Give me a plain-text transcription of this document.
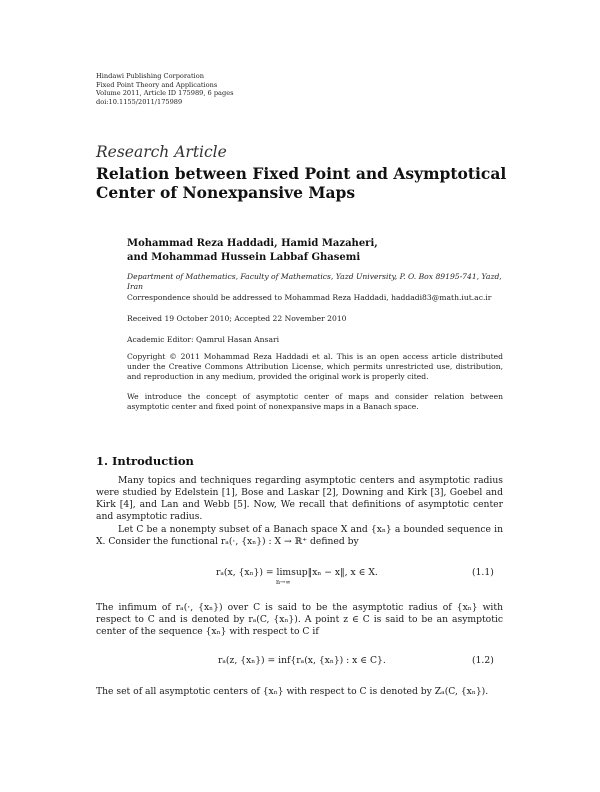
Hindawi Publishing Corporation
Fixed Point Theory and Applications
Volume 2011, Article ID 175989, 6 pages
doi:10.1155/2011/175989
Research Article
Relation between Fixed Point and Asymptotical
Center of Nonexpansive Maps
Mohammad Reza Haddadi, Hamid Mazaheri,
and Mohammad Hussein Labbaf Ghasemi
Department of Mathematics, Faculty of Mathematics, Yazd University, P. O. Box 89195-741, Yazd, Iran
Correspondence should be addressed to Mohammad Reza Haddadi, haddadi83@math.iut.ac.ir
Received 19 October 2010; Accepted 22 November 2010
Academic Editor: Qamrul Hasan Ansari
Copyright © 2011 Mohammad Reza Haddadi et al. This is an open access article distributed under the Creative Commons Attribution License, which permits unrestricted use, distribution, and reproduction in any medium, provided the original work is properly cited.
We introduce the concept of asymptotic center of maps and consider relation between asymptotic center and fixed point of nonexpansive maps in a Banach space.
1. Introduction
Many topics and techniques regarding asymptotic centers and asymptotic radius were studied by Edelstein [1], Bose and Laskar [2], Downing and Kirk [3], Goebel and Kirk [4], and Lan and Webb [5]. Now, We recall that definitions of asymptotic center and asymptotic radius.
Let C be a nonempty subset of a Banach space X and {xₙ} a bounded sequence in X. Consider the functional rₐ(·, {xₙ}) : X → ℝ⁺ defined by
rₐ(x, {xₙ}) = limsup‖xₙ − x‖, x ∈ X.
n→∞
(1.1)
The infimum of rₐ(·, {xₙ}) over C is said to be the asymptotic radius of {xₙ} with respect to C and is denoted by rₐ(C, {xₙ}). A point z ∈ C is said to be an asymptotic center of the sequence {xₙ} with respect to C if
rₐ(z, {xₙ}) = inf{rₐ(x, {xₙ}) : x ∈ C}.	(1.2)
The set of all asymptotic centers of {xₙ} with respect to C is denoted by Zₐ(C, {xₙ}).
